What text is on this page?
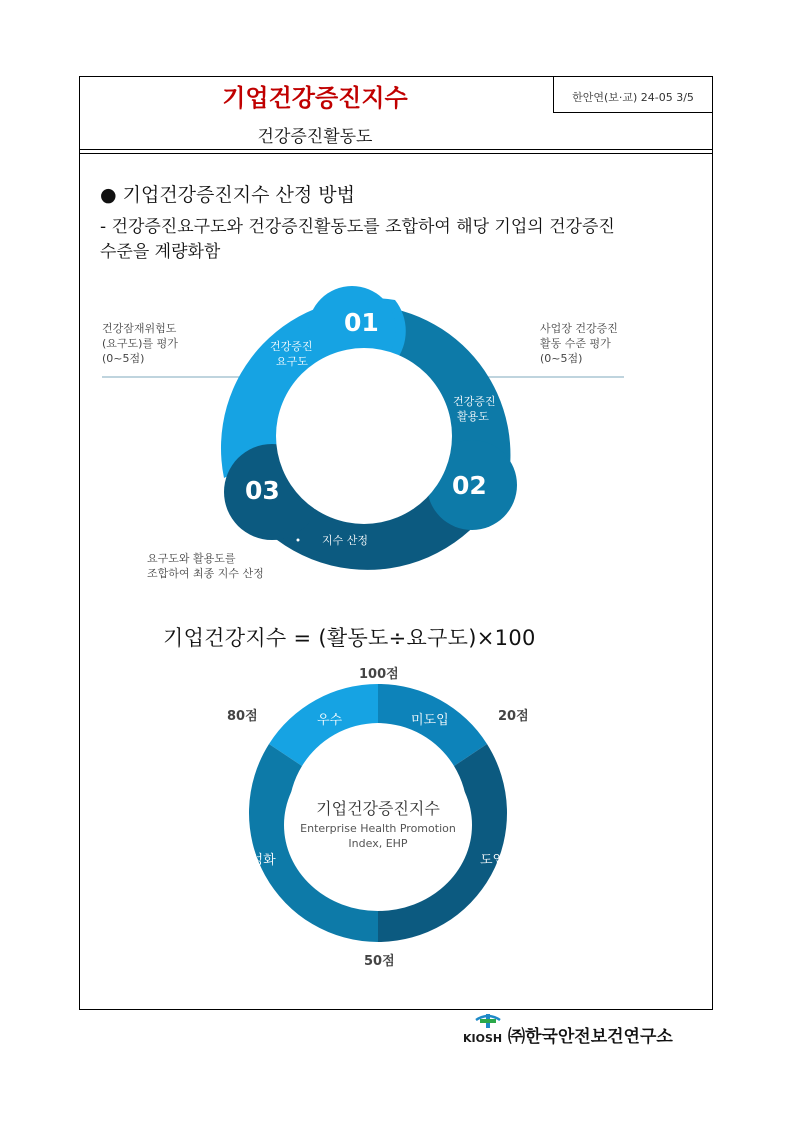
기업건강증진지수	한안연(보·교) 24-05 3/5
건강증진활동도
● 기업건강증진지수 산정 방법
- 건강증진요구도와 건강증진활동도를 조합하여 해당 기업의 건강증진
수준을 계량화함
01
건강증진
요구도
건강증진
활용도
02
03
지수 산정
건강잠재위험도
(요구도)를 평가
(0~5점)
사업장 건강증진
활동 수준 평가
(0~5점)
요구도와 활용도를
조합하여 최종 지수 산정
기업건강지수 = (활동도÷요구도)×100
100점
80점	20점
50점
우수	미도입
활성화	도입
기업건강증진지수
Enterprise Health Promotion
Index, EHP
KIOSH ㈜한국안전보건연구소
